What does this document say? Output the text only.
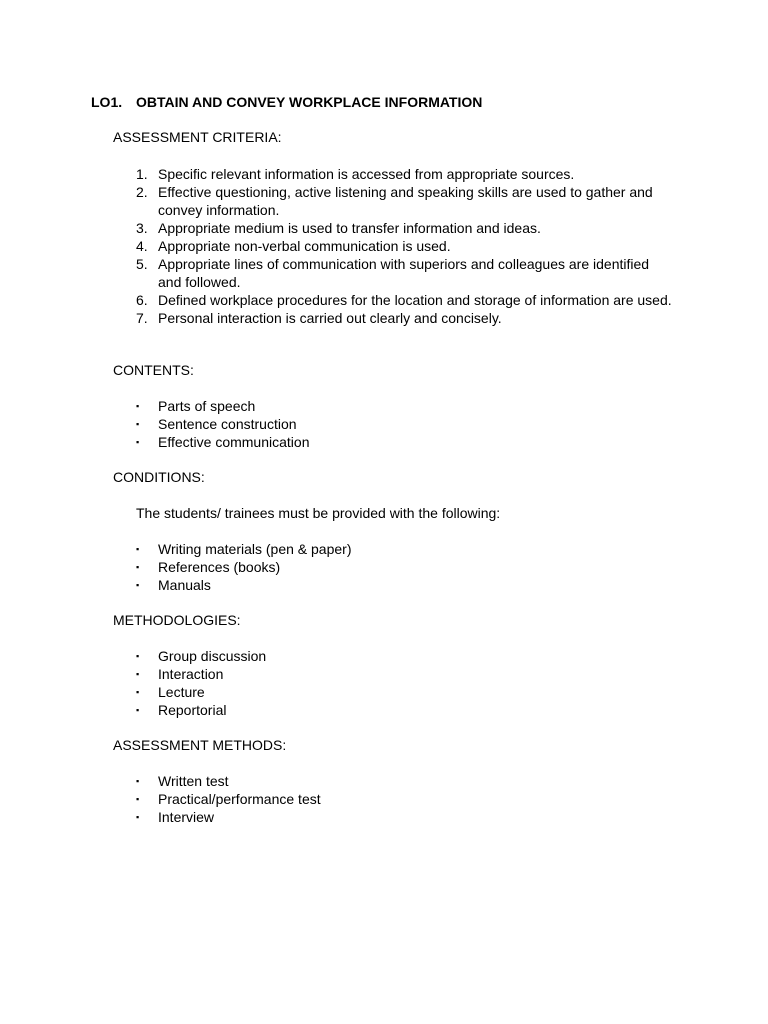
LO1. OBTAIN AND CONVEY WORKPLACE INFORMATION
ASSESSMENT CRITERIA:
1. Specific relevant information is accessed from appropriate sources.
2. Effective questioning, active listening and speaking skills are used to gather and convey information.
3. Appropriate medium is used to transfer information and ideas.
4. Appropriate non-verbal communication is used.
5. Appropriate lines of communication with superiors and colleagues are identified and followed.
6. Defined workplace procedures for the location and storage of information are used.
7. Personal interaction is carried out clearly and concisely.
CONTENTS:
▪	Parts of speech
▪	Sentence construction
▪	Effective communication
CONDITIONS:
The students/ trainees must be provided with the following:
▪	Writing materials (pen & paper)
▪	References (books)
▪	Manuals
METHODOLOGIES:
▪	Group discussion
▪	Interaction
▪	Lecture
▪	Reportorial
ASSESSMENT METHODS:
▪	Written test
▪	Practical/performance test
▪	Interview
